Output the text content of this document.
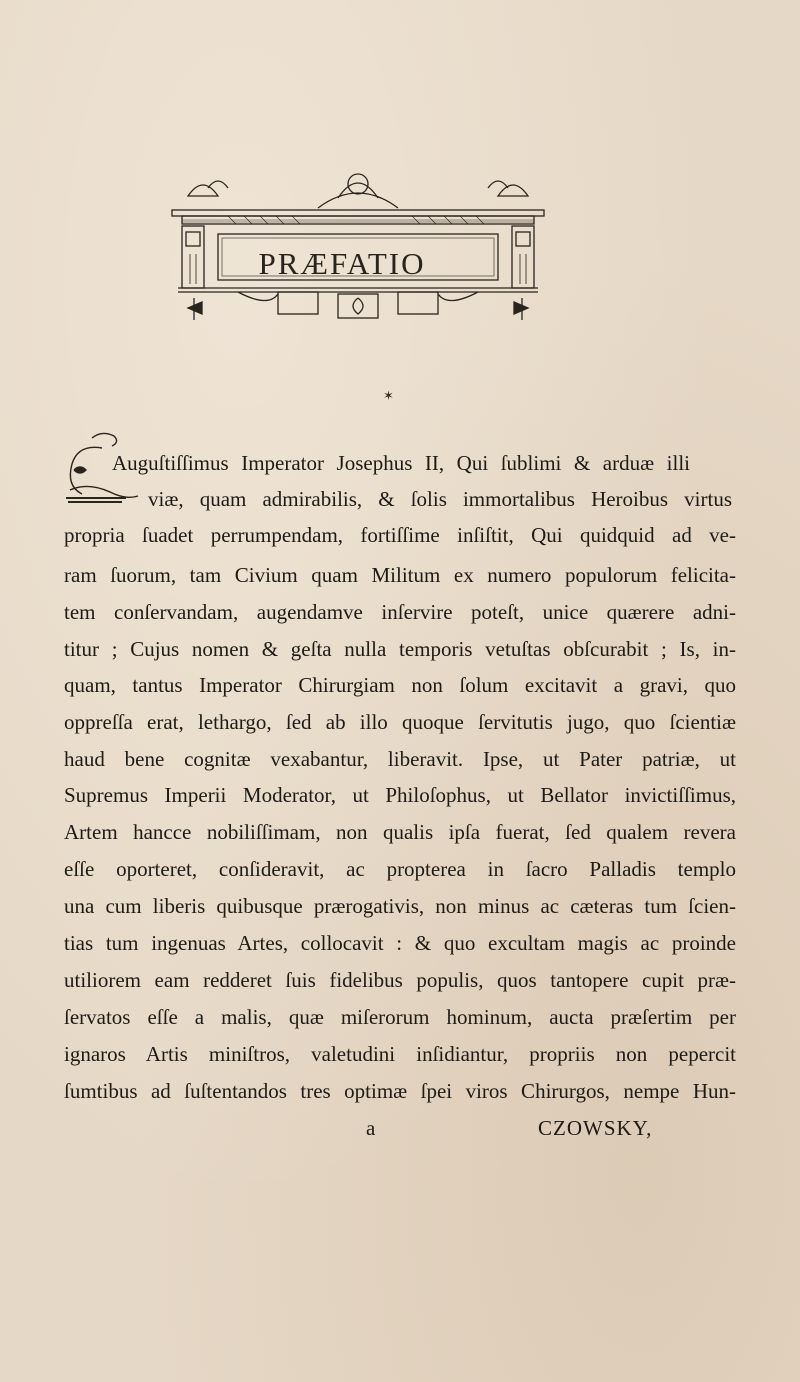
PRÆFATIO
✶
Auguſtiſſimus Imperator Josephus II, Qui ſublimi & arduæ illi
viæ, quam admirabilis, & ſolis immortalibus Heroibus virtus
propria ſuadet perrumpendam, fortiſſime inſiſtit, Qui quidquid ad ve-
ram ſuorum, tam Civium quam Militum ex numero populorum felicita-
tem conſervandam, augendamve inſervire poteſt, unice quærere adni-
titur ; Cujus nomen & geſta nulla temporis vetuſtas obſcurabit ; Is, in-
quam, tantus Imperator Chirurgiam non ſolum excitavit a gravi, quo
oppreſſa erat, lethargo, ſed ab illo quoque ſervitutis jugo, quo ſcientiæ
haud bene cognitæ vexabantur, liberavit. Ipse, ut Pater patriæ, ut
Supremus Imperii Moderator, ut Philoſophus, ut Bellator invictiſſimus,
Artem hancce nobiliſſimam, non qualis ipſa fuerat, ſed qualem revera
eſſe oporteret, conſideravit, ac propterea in ſacro Palladis templo
una cum liberis quibusque prærogativis, non minus ac cæteras tum ſcien-
tias tum ingenuas Artes, collocavit : & quo excultam magis ac proinde
utiliorem eam redderet ſuis fidelibus populis, quos tantopere cupit præ-
ſervatos eſſe a malis, quæ miſerorum hominum, aucta præſertim per
ignaros Artis miniſtros, valetudini inſidiantur, propriis non pepercit
ſumtibus ad ſuſtentandos tres optimæ ſpei viros Chirurgos, nempe Hun-
a	CZOWSKY,
